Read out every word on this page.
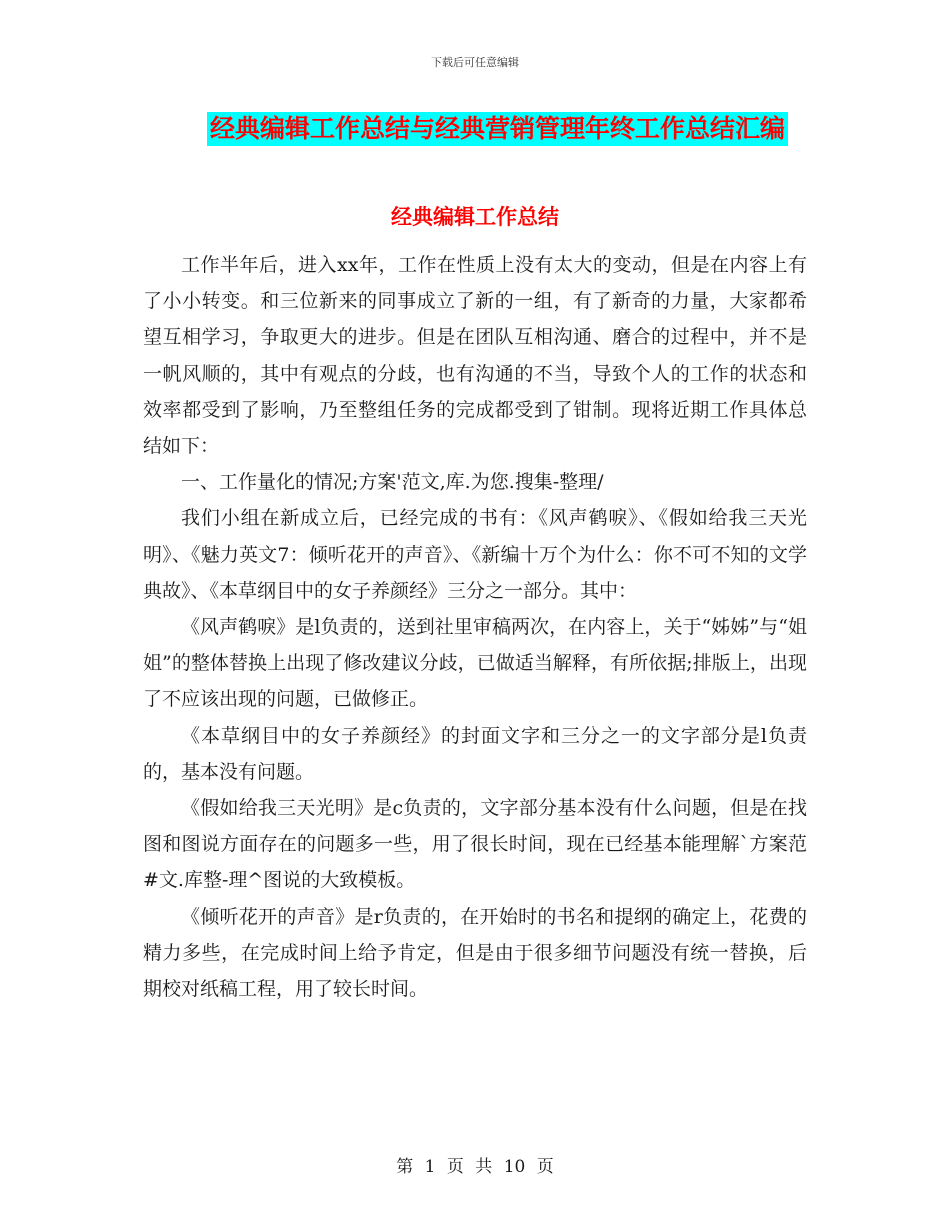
下载后可任意编辑
经典编辑工作总结与经典营销管理年终工作总结汇编
经典编辑工作总结

工作半年后，进入xx年，工作在性质上没有太大的变动，但是在内容上有了小小转变。和三位新来的同事成立了新的一组，有了新奇的力量，大家都希望互相学习，争取更大的进步。但是在团队互相沟通、磨合的过程中，并不是一帆风顺的，其中有观点的分歧，也有沟通的不当，导致个人的工作的状态和效率都受到了影响，乃至整组任务的完成都受到了钳制。现将近期工作具体总结如下：

一、工作量化的情况;方案'范文,库.为您.搜集-整理/

我们小组在新成立后，已经完成的书有：《风声鹤唳》、《假如给我三天光明》、《魅力英文7：倾听花开的声音》、《新编十万个为什么：你不可不知的文学典故》、《本草纲目中的女子养颜经》三分之一部分。其中：

《风声鹤唳》是l负责的，送到社里审稿两次，在内容上，关于“姊姊”与“姐姐”的整体替换上出现了修改建议分歧，已做适当解释，有所依据;排版上，出现了不应该出现的问题，已做修正。

《本草纲目中的女子养颜经》的封面文字和三分之一的文字部分是l负责的，基本没有问题。

《假如给我三天光明》是c负责的，文字部分基本没有什么问题，但是在找图和图说方面存在的问题多一些，用了很长时间，现在已经基本能理解`方案范#文.库整-理^图说的大致模板。

《倾听花开的声音》是r负责的，在开始时的书名和提纲的确定上，花费的精力多些，在完成时间上给予肯定，但是由于很多细节问题没有统一替换，后期校对纸稿工程，用了较长时间。

第 1 页 共 10 页
